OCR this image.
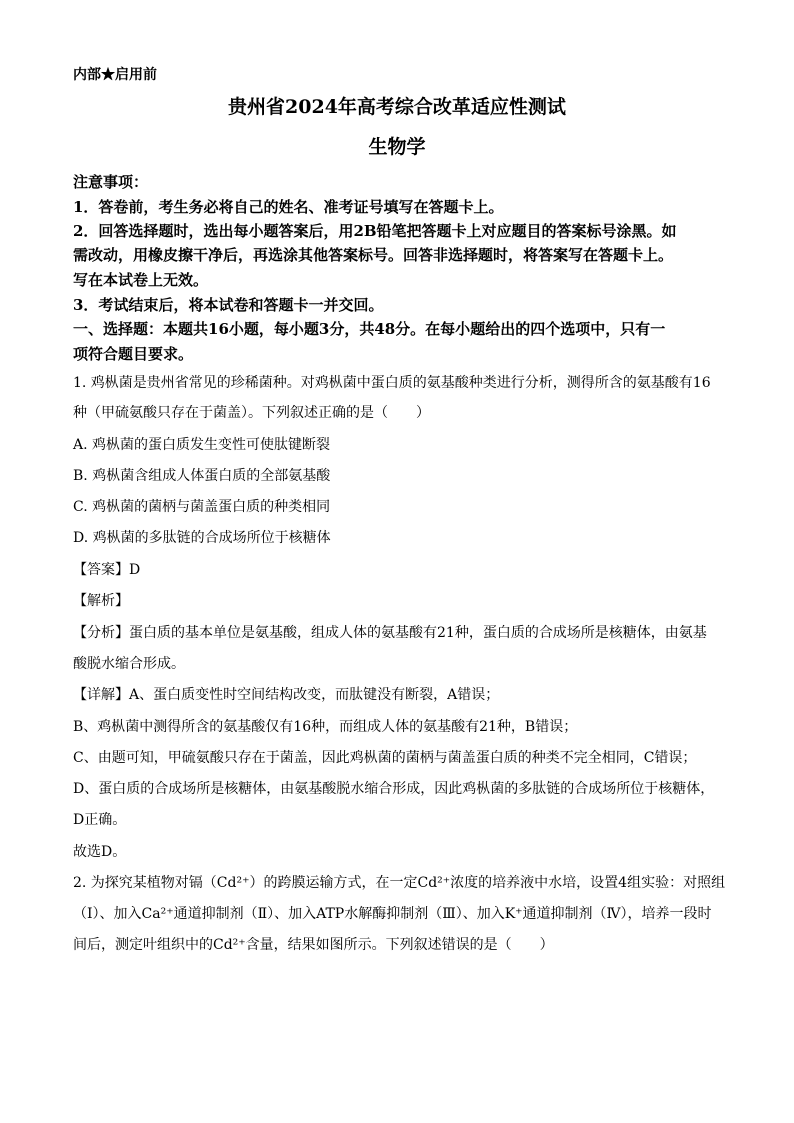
内部★启用前
贵州省2024年高考综合改革适应性测试
生物学
注意事项：
1．答卷前，考生务必将自己的姓名、准考证号填写在答题卡上。
2．回答选择题时，选出每小题答案后，用2B铅笔把答题卡上对应题目的答案标号涂黑。如
需改动，用橡皮擦干净后，再选涂其他答案标号。回答非选择题时，将答案写在答题卡上。
写在本试卷上无效。
3．考试结束后，将本试卷和答题卡一并交回。
一、选择题：本题共16小题，每小题3分，共48分。在每小题给出的四个选项中，只有一
项符合题目要求。
1. 鸡枞菌是贵州省常见的珍稀菌种。对鸡枞菌中蛋白质的氨基酸种类进行分析，测得所含的氨基酸有16
种（甲硫氨酸只存在于菌盖）。下列叙述正确的是（　　）
A. 鸡枞菌的蛋白质发生变性可使肽键断裂
B. 鸡枞菌含组成人体蛋白质的全部氨基酸
C. 鸡枞菌的菌柄与菌盖蛋白质的种类相同
D. 鸡枞菌的多肽链的合成场所位于核糖体
【答案】D
【解析】
【分析】蛋白质的基本单位是氨基酸，组成人体的氨基酸有21种，蛋白质的合成场所是核糖体，由氨基
酸脱水缩合形成。
【详解】A、蛋白质变性时空间结构改变，而肽键没有断裂，A错误；
B、鸡枞菌中测得所含的氨基酸仅有16种，而组成人体的氨基酸有21种，B错误；
C、由题可知，甲硫氨酸只存在于菌盖，因此鸡枞菌的菌柄与菌盖蛋白质的种类不完全相同，C错误；
D、蛋白质的合成场所是核糖体，由氨基酸脱水缩合形成，因此鸡枞菌的多肽链的合成场所位于核糖体，
D正确。
故选D。
2. 为探究某植物对镉（Cd²⁺）的跨膜运输方式，在一定Cd²⁺浓度的培养液中水培，设置4组实验：对照组
（Ⅰ）、加入Ca²⁺通道抑制剂（Ⅱ）、加入ATP水解酶抑制剂（Ⅲ）、加入K⁺通道抑制剂（Ⅳ），培养一段时
间后，测定叶组织中的Cd²⁺含量，结果如图所示。下列叙述错误的是（　　）
